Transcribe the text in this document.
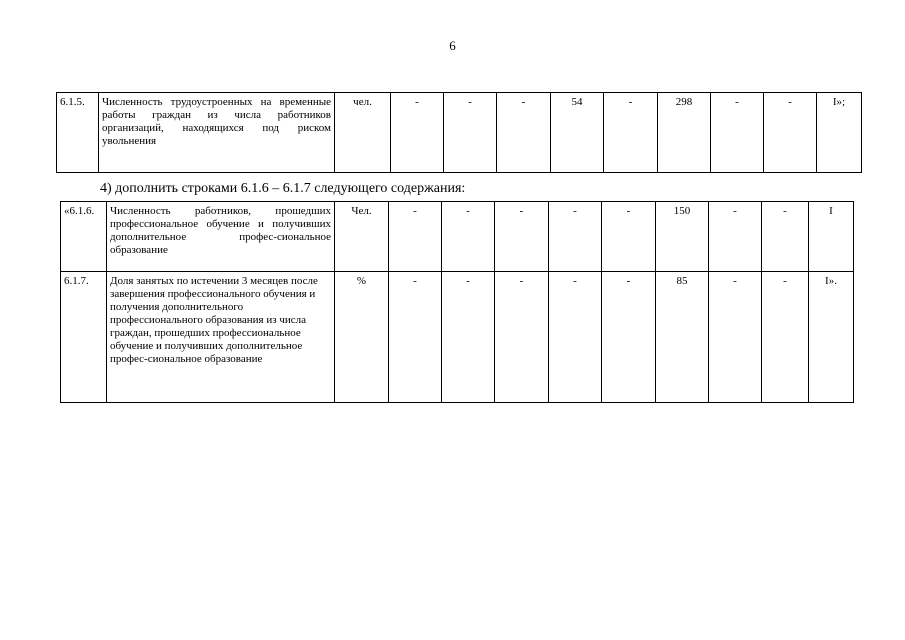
6
6.1.5.	Численность трудоустроенных на временные работы граждан из числа работников организаций, находящихся под риском увольнения	чел.	-	-	-	54	-	298	-	-	I»;
4) дополнить строками 6.1.6 – 6.1.7 следующего содержания:
«6.1.6.	Численность работников, прошедших профессиональное обучение и получивших дополнительное профес-сиональное образование	Чел.	-	-	-	-	-	150	-	-	I
6.1.7.	Доля занятых по истечении 3 месяцев после завершения профессионального обучения и получения дополнительного профессионального образования из числа граждан, прошедших профессиональное обучение и получивших дополнительное профес-сиональное образование	%	-	-	-	-	-	85	-	-	I».
